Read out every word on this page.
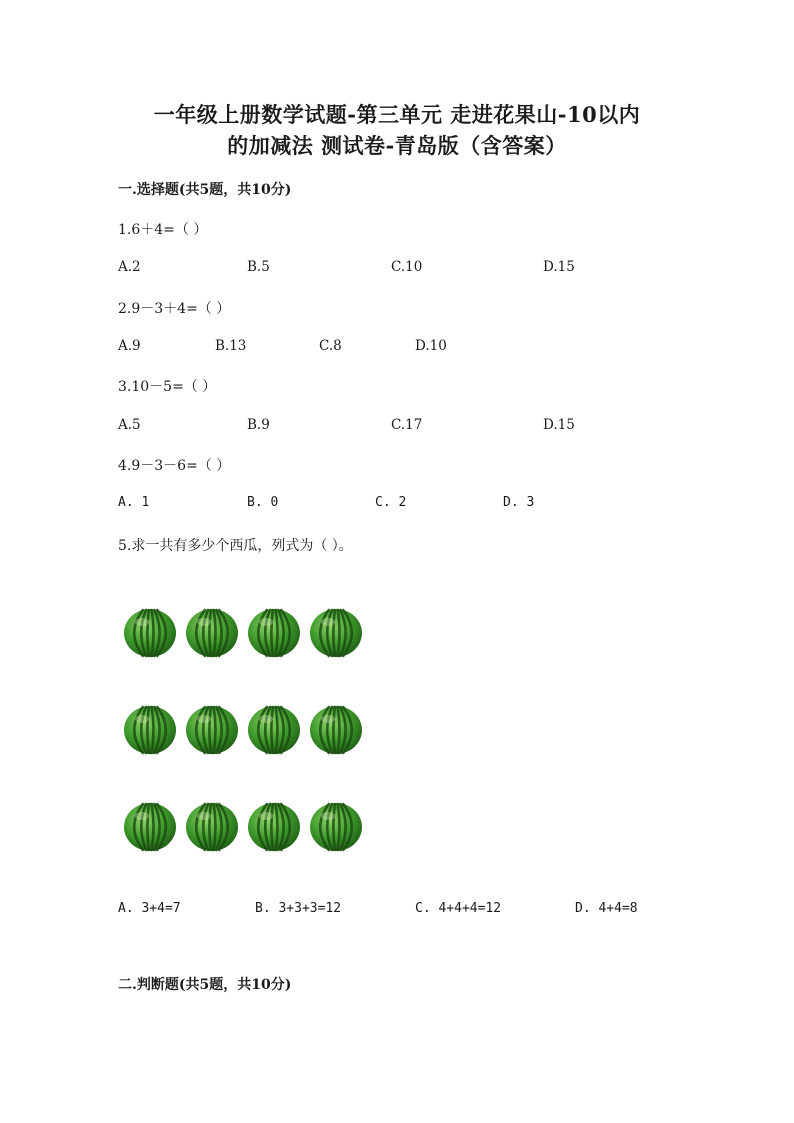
一年级上册数学试题-第三单元 走进花果山-10以内
的加减法 测试卷-青岛版（含答案）
一.选择题(共5题，共10分)
1.6＋4=（ ）
A.2	B.5	C.10	D.15
2.9－3＋4=（ ）
A.9	B.13	C.8	D.10
3.10－5=（ ）
A.5	B.9	C.17	D.15
4.9－3－6=（ ）
A. 1	B. 0	C. 2	D. 3
5.求一共有多少个西瓜，列式为（ ）。
A. 3+4=7	B. 3+3+3=12	C. 4+4+4=12	D. 4+4=8
二.判断题(共5题，共10分)
